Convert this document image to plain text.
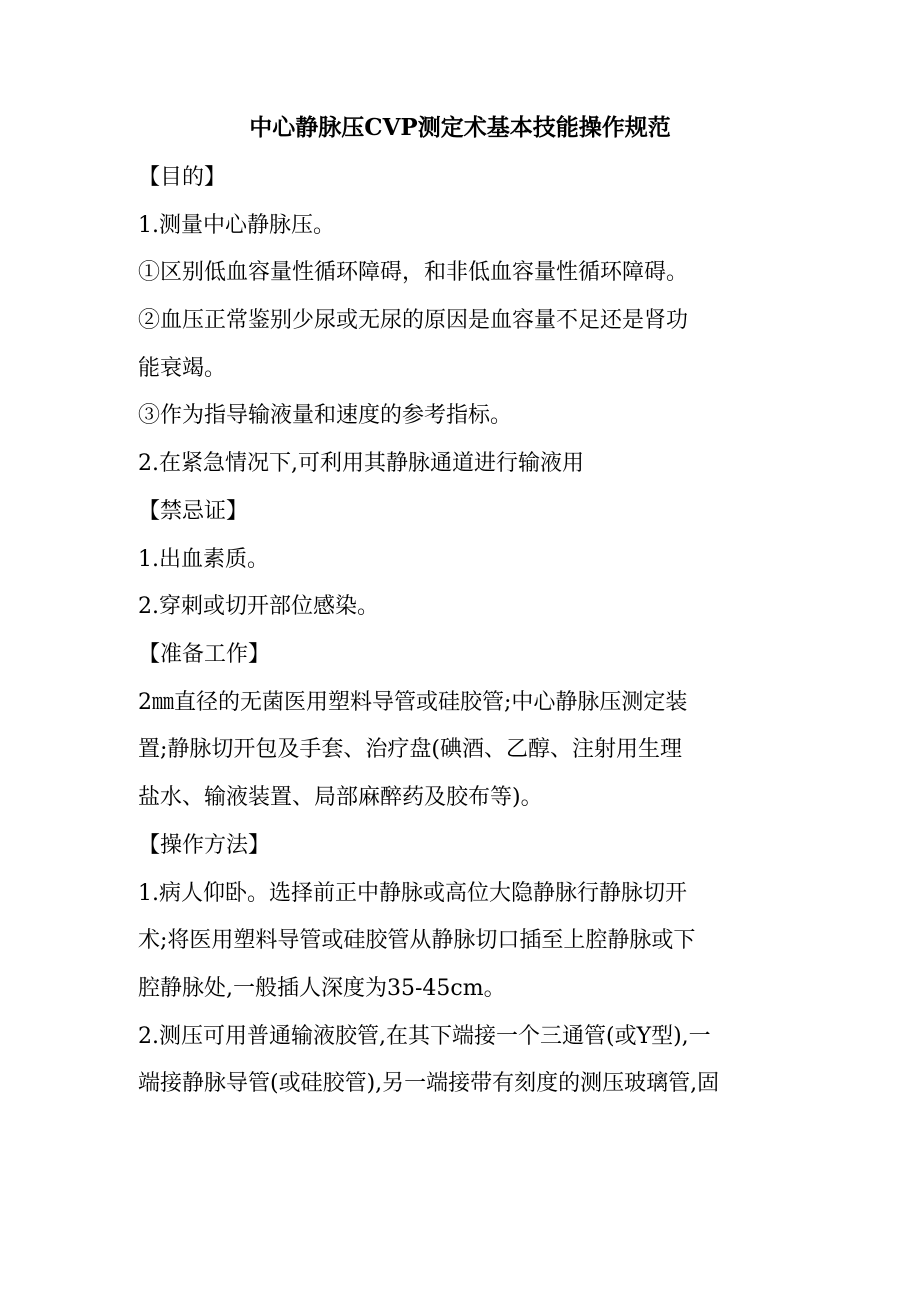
中心静脉压CVP测定术基本技能操作规范
【目的】
1.测量中心静脉压。
①区别低血容量性循环障碍，和非低血容量性循环障碍。
②血压正常鉴别少尿或无尿的原因是血容量不足还是肾功
能衰竭。
③作为指导输液量和速度的参考指标。
2.在紧急情况下,可利用其静脉通道进行输液用
【禁忌证】
1.出血素质。
2.穿刺或切开部位感染。
【准备工作】
2㎜直径的无菌医用塑料导管或硅胶管;中心静脉压测定装
置;静脉切开包及手套、治疗盘(碘酒、乙醇、注射用生理
盐水、输液装置、局部麻醉药及胶布等)。
【操作方法】
1.病人仰卧。选择前正中静脉或高位大隐静脉行静脉切开
术;将医用塑料导管或硅胶管从静脉切口插至上腔静脉或下
腔静脉处,一般插人深度为35-45cm。
2.测压可用普通输液胶管,在其下端接一个三通管(或Y型),一
端接静脉导管(或硅胶管),另一端接带有刻度的测压玻璃管,固
